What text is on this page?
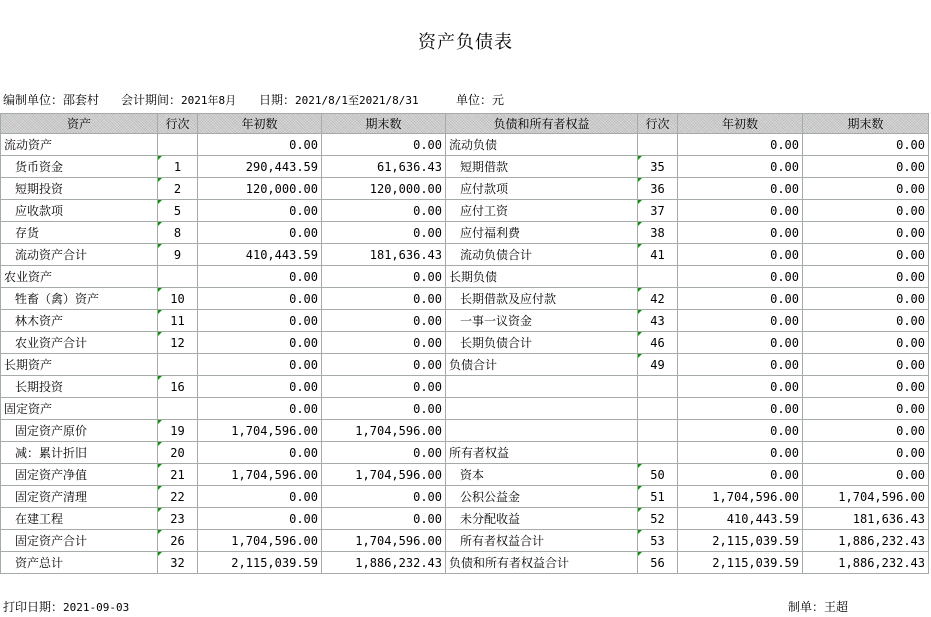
资产负债表
编制单位：邵套村	会计期间：2021年8月	日期：2021/8/1至2021/8/31	单位：元
资产	行次	年初数	期末数	负债和所有者权益	行次	年初数	期末数
流动资产		0.00	0.00	流动负债		0.00	0.00
货币资金	1	290,443.59	61,636.43	短期借款	35	0.00	0.00
短期投资	2	120,000.00	120,000.00	应付款项	36	0.00	0.00
应收款项	5	0.00	0.00	应付工资	37	0.00	0.00
存货	8	0.00	0.00	应付福利费	38	0.00	0.00
流动资产合计	9	410,443.59	181,636.43	流动负债合计	41	0.00	0.00
农业资产		0.00	0.00	长期负债		0.00	0.00
牲畜（禽）资产	10	0.00	0.00	长期借款及应付款	42	0.00	0.00
林木资产	11	0.00	0.00	一事一议资金	43	0.00	0.00
农业资产合计	12	0.00	0.00	长期负债合计	46	0.00	0.00
长期资产		0.00	0.00	负债合计	49	0.00	0.00
长期投资	16	0.00	0.00			0.00	0.00
固定资产		0.00	0.00			0.00	0.00
固定资产原价	19	1,704,596.00	1,704,596.00			0.00	0.00
减：累计折旧	20	0.00	0.00	所有者权益		0.00	0.00
固定资产净值	21	1,704,596.00	1,704,596.00	资本	50	0.00	0.00
固定资产清理	22	0.00	0.00	公积公益金	51	1,704,596.00	1,704,596.00
在建工程	23	0.00	0.00	未分配收益	52	410,443.59	181,636.43
固定资产合计	26	1,704,596.00	1,704,596.00	所有者权益合计	53	2,115,039.59	1,886,232.43
资产总计	32	2,115,039.59	1,886,232.43	负债和所有者权益合计	56	2,115,039.59	1,886,232.43
打印日期：2021-09-03	制单：王超
